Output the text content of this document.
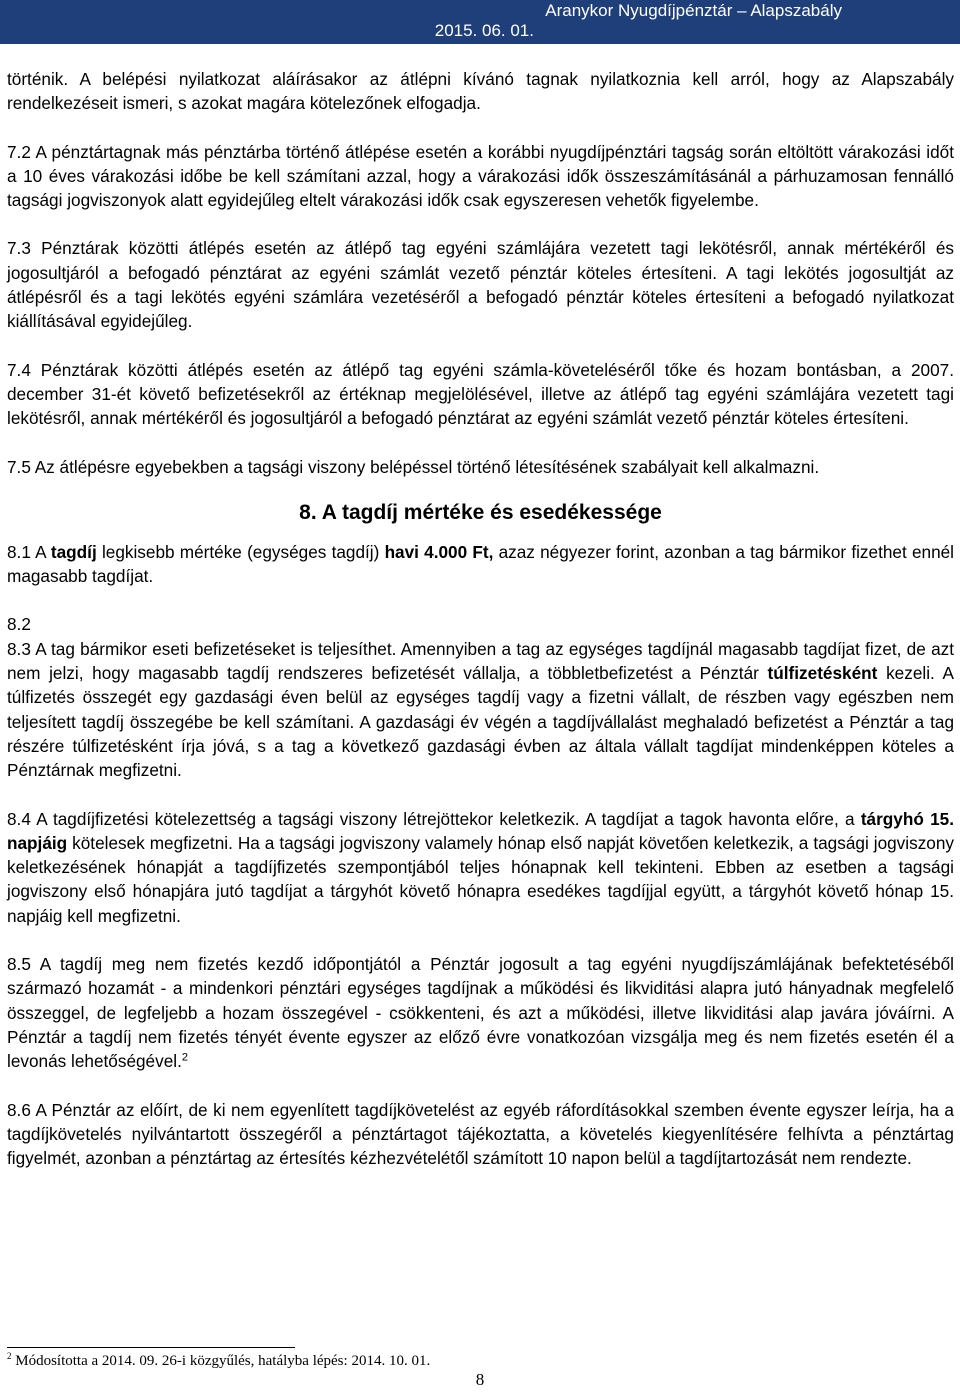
Aranykor Nyugdíjpénztár – Alapszabály
2015. 06. 01.

történik. A belépési nyilatkozat aláírásakor az átlépni kívánó tagnak nyilatkoznia kell arról, hogy az Alapszabály rendelkezéseit ismeri, s azokat magára kötelezőnek elfogadja.

7.2 A pénztártagnak más pénztárba történő átlépése esetén a korábbi nyugdíjpénztári tagság során eltöltött várakozási időt a 10 éves várakozási időbe be kell számítani azzal, hogy a várakozási idők összeszámításánál a párhuzamosan fennálló tagsági jogviszonyok alatt egyidejűleg eltelt várakozási idők csak egyszeresen vehetők figyelembe.

7.3 Pénztárak közötti átlépés esetén az átlépő tag egyéni számlájára vezetett tagi lekötésről, annak mértékéről és jogosultjáról a befogadó pénztárat az egyéni számlát vezető pénztár köteles értesíteni. A tagi lekötés jogosultját az átlépésről és a tagi lekötés egyéni számlára vezetéséről a befogadó pénztár köteles értesíteni a befogadó nyilatkozat kiállításával egyidejűleg.

7.4 Pénztárak közötti átlépés esetén az átlépő tag egyéni számla-követeléséről tőke és hozam bontásban, a 2007. december 31-ét követő befizetésekről az értéknap megjelölésével, illetve az átlépő tag egyéni számlájára vezetett tagi lekötésről, annak mértékéről és jogosultjáról a befogadó pénztárat az egyéni számlát vezető pénztár köteles értesíteni.

7.5 Az átlépésre egyebekben a tagsági viszony belépéssel történő létesítésének szabályait kell alkalmazni.

8. A tagdíj mértéke és esedékessége

8.1 A tagdíj legkisebb mértéke (egységes tagdíj) havi 4.000 Ft, azaz négyezer forint, azonban a tag bármikor fizethet ennél magasabb tagdíjat.

8.2

8.3 A tag bármikor eseti befizetéseket is teljesíthet. Amennyiben a tag az egységes tagdíjnál magasabb tagdíjat fizet, de azt nem jelzi, hogy magasabb tagdíj rendszeres befizetését vállalja, a többletbefizetést a Pénztár túlfizetésként kezeli. A túlfizetés összegét egy gazdasági éven belül az egységes tagdíj vagy a fizetni vállalt, de részben vagy egészben nem teljesített tagdíj összegébe be kell számítani. A gazdasági év végén a tagdíjvállalást meghaladó befizetést a Pénztár a tag részére túlfizetésként írja jóvá, s a tag a következő gazdasági évben az általa vállalt tagdíjat mindenképpen köteles a Pénztárnak megfizetni.

8.4 A tagdíjfizetési kötelezettség a tagsági viszony létrejöttekor keletkezik. A tagdíjat a tagok havonta előre, a tárgyhó 15. napjáig kötelesek megfizetni. Ha a tagsági jogviszony valamely hónap első napját követően keletkezik, a tagsági jogviszony keletkezésének hónapját a tagdíjfizetés szempontjából teljes hónapnak kell tekinteni. Ebben az esetben a tagsági jogviszony első hónapjára jutó tagdíjat a tárgyhót követő hónapra esedékes tagdíjjal együtt, a tárgyhót követő hónap 15. napjáig kell megfizetni.

8.5 A tagdíj meg nem fizetés kezdő időpontjától a Pénztár jogosult a tag egyéni nyugdíjszámlájának befektetéséből származó hozamát - a mindenkori pénztári egységes tagdíjnak a működési és likviditási alapra jutó hányadnak megfelelő összeggel, de legfeljebb a hozam összegével - csökkenteni, és azt a működési, illetve likviditási alap javára jóváírni. A Pénztár a tagdíj nem fizetés tényét évente egyszer az előző évre vonatkozóan vizsgálja meg és nem fizetés esetén él a levonás lehetőségével.$^2$

8.6 A Pénztár az előírt, de ki nem egyenlített tagdíjkövetelést az egyéb ráfordításokkal szemben évente egyszer leírja, ha a tagdíjkövetelés nyilvántartott összegéről a pénztártagot tájékoztatta, a követelés kiegyenlítésére felhívta a pénztártag figyelmét, azonban a pénztártag az értesítés kézhezvételétől számított 10 napon belül a tagdíjtartozását nem rendezte.

$^2$ Módosította a 2014. 09. 26-i közgyűlés, hatályba lépés: 2014. 10. 01.
8
